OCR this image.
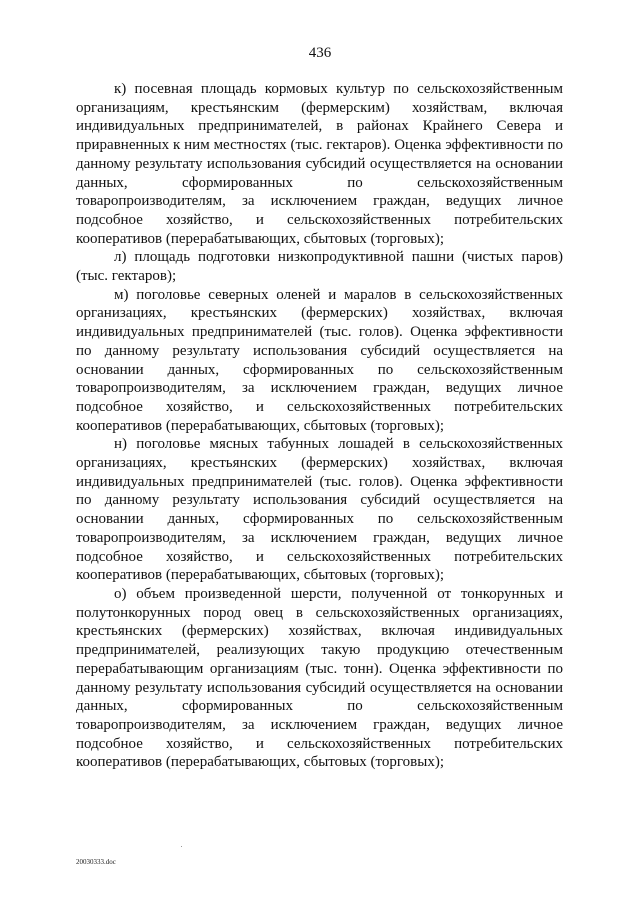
436

к) посевная площадь кормовых культур по сельскохозяйственным организациям, крестьянским (фермерским) хозяйствам, включая индивидуальных предпринимателей, в районах Крайнего Севера и приравненных к ним местностях (тыс. гектаров). Оценка эффективности по данному результату использования субсидий осуществляется на основании данных, сформированных по сельскохозяйственным товаропроизводителям, за исключением граждан, ведущих личное подсобное хозяйство, и сельскохозяйственных потребительских кооперативов (перерабатывающих, сбытовых (торговых);

л) площадь подготовки низкопродуктивной пашни (чистых паров) (тыс. гектаров);

м) поголовье северных оленей и маралов в сельскохозяйственных организациях, крестьянских (фермерских) хозяйствах, включая индивидуальных предпринимателей (тыс. голов). Оценка эффективности по данному результату использования субсидий осуществляется на основании данных, сформированных по сельскохозяйственным товаропроизводителям, за исключением граждан, ведущих личное подсобное хозяйство, и сельскохозяйственных потребительских кооперативов (перерабатывающих, сбытовых (торговых);

н) поголовье мясных табунных лошадей в сельскохозяйственных организациях, крестьянских (фермерских) хозяйствах, включая индивидуальных предпринимателей (тыс. голов). Оценка эффективности по данному результату использования субсидий осуществляется на основании данных, сформированных по сельскохозяйственным товаропроизводителям, за исключением граждан, ведущих личное подсобное хозяйство, и сельскохозяйственных потребительских кооперативов (перерабатывающих, сбытовых (торговых);

о) объем произведенной шерсти, полученной от тонкорунных и полутонкорунных пород овец в сельскохозяйственных организациях, крестьянских (фермерских) хозяйствах, включая индивидуальных предпринимателей, реализующих такую продукцию отечественным перерабатывающим организациям (тыс. тонн). Оценка эффективности по данному результату использования субсидий осуществляется на основании данных, сформированных по сельскохозяйственным товаропроизводителям, за исключением граждан, ведущих личное подсобное хозяйство, и сельскохозяйственных потребительских кооперативов (перерабатывающих, сбытовых (торговых);

20030333.doc
